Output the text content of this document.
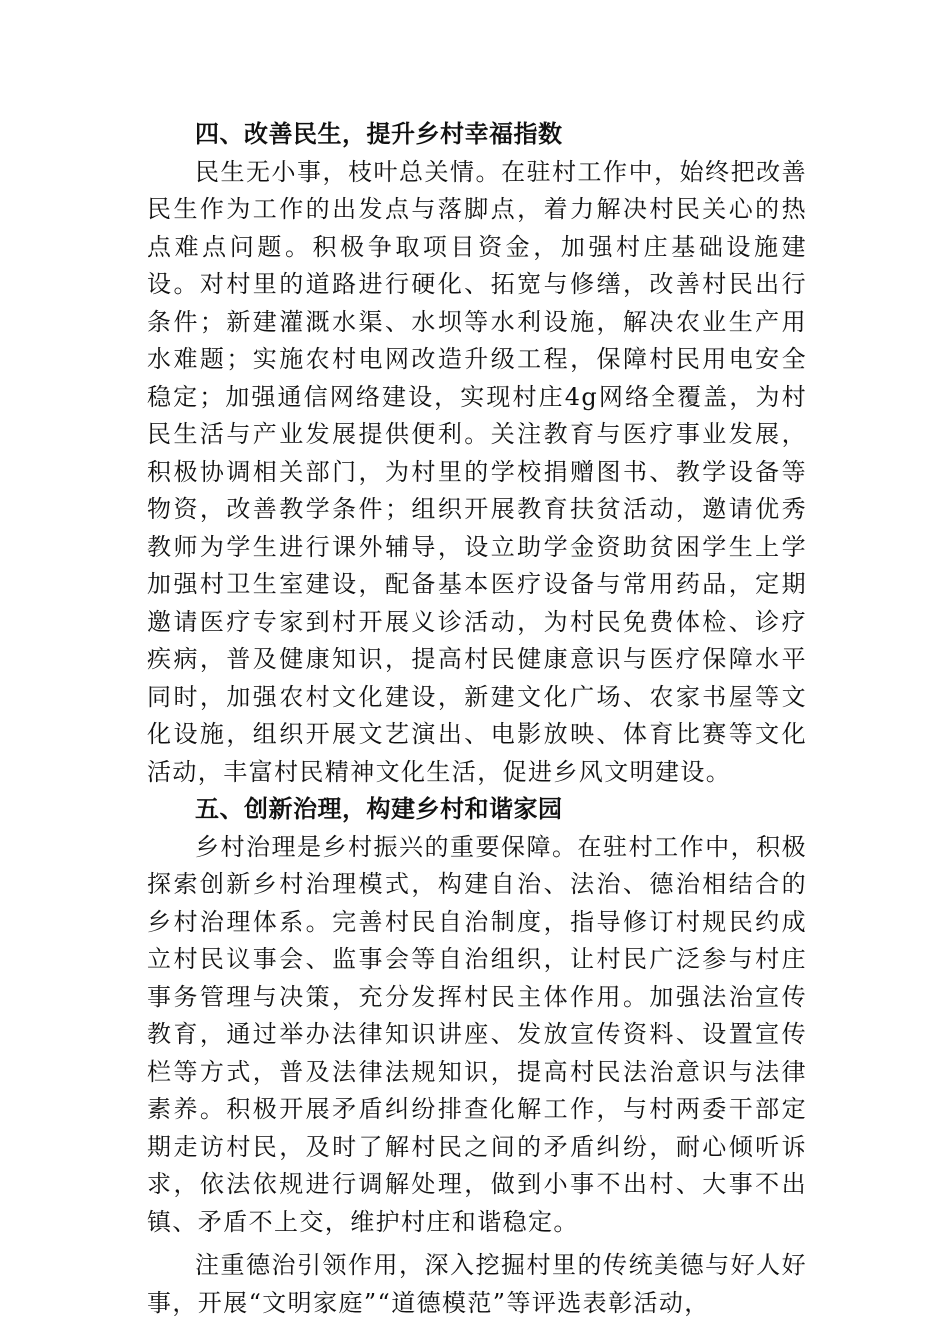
四、改善民生，提升乡村幸福指数

民生无小事，枝叶总关情。在驻村工作中，始终把改善民生作为工作的出发点与落脚点，着力解决村民关心的热点难点问题。积极争取项目资金，加强村庄基础设施建设。对村里的道路进行硬化、拓宽与修缮，改善村民出行条件；新建灌溉水渠、水坝等水利设施，解决农业生产用水难题；实施农村电网改造升级工程，保障村民用电安全稳定；加强通信网络建设，实现村庄4g网络全覆盖，为村民生活与产业发展提供便利。关注教育与医疗事业发展，积极协调相关部门，为村里的学校捐赠图书、教学设备等物资，改善教学条件；组织开展教育扶贫活动，邀请优秀教师为学生进行课外辅导，设立助学金资助贫困学生上学加强村卫生室建设，配备基本医疗设备与常用药品，定期邀请医疗专家到村开展义诊活动，为村民免费体检、诊疗疾病，普及健康知识，提高村民健康意识与医疗保障水平同时，加强农村文化建设，新建文化广场、农家书屋等文化设施，组织开展文艺演出、电影放映、体育比赛等文化活动，丰富村民精神文化生活，促进乡风文明建设。

五、创新治理，构建乡村和谐家园

乡村治理是乡村振兴的重要保障。在驻村工作中，积极探索创新乡村治理模式，构建自治、法治、德治相结合的乡村治理体系。完善村民自治制度，指导修订村规民约成立村民议事会、监事会等自治组织，让村民广泛参与村庄事务管理与决策，充分发挥村民主体作用。加强法治宣传教育，通过举办法律知识讲座、发放宣传资料、设置宣传栏等方式，普及法律法规知识，提高村民法治意识与法律素养。积极开展矛盾纠纷排查化解工作，与村两委干部定期走访村民，及时了解村民之间的矛盾纠纷，耐心倾听诉求，依法依规进行调解处理，做到小事不出村、大事不出镇、矛盾不上交，维护村庄和谐稳定。

注重德治引领作用，深入挖掘村里的传统美德与好人好事，开展“文明家庭”“道德模范”等评选表彰活动，
